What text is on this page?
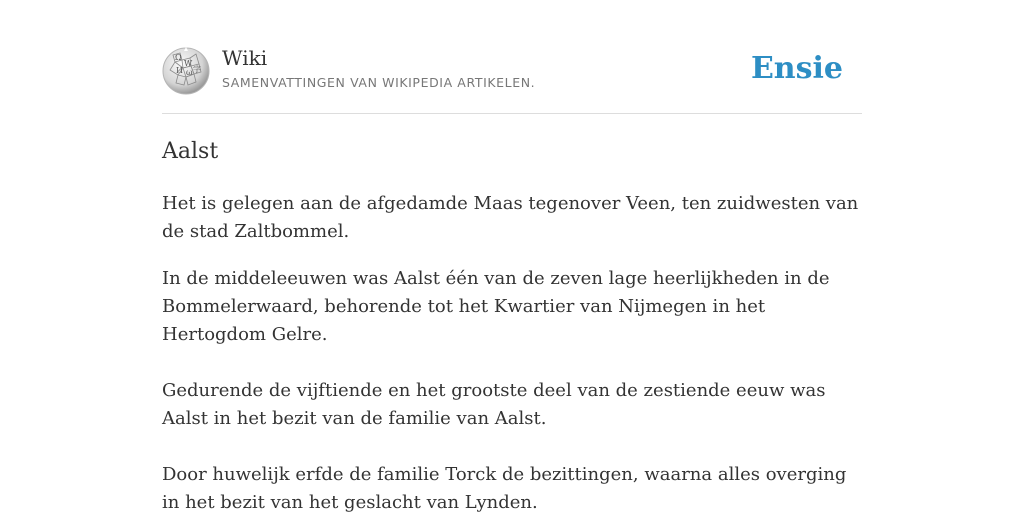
Ω
W
И ω 字 Wiki
SAMENVATTINGEN VAN WIKIPEDIA ARTIKELEN.	Ensie
Aalst

Het is gelegen aan de afgedamde Maas tegenover Veen, ten zuidwesten van de stad Zaltbommel.

In de middeleeuwen was Aalst één van de zeven lage heerlijkheden in de Bommelerwaard, behorende tot het Kwartier van Nijmegen in het Hertogdom Gelre.

Gedurende de vijftiende en het grootste deel van de zestiende eeuw was Aalst in het bezit van de familie van Aalst.

Door huwelijk erfde de familie Torck de bezittingen, waarna alles overging in het bezit van het geslacht van Lynden.
